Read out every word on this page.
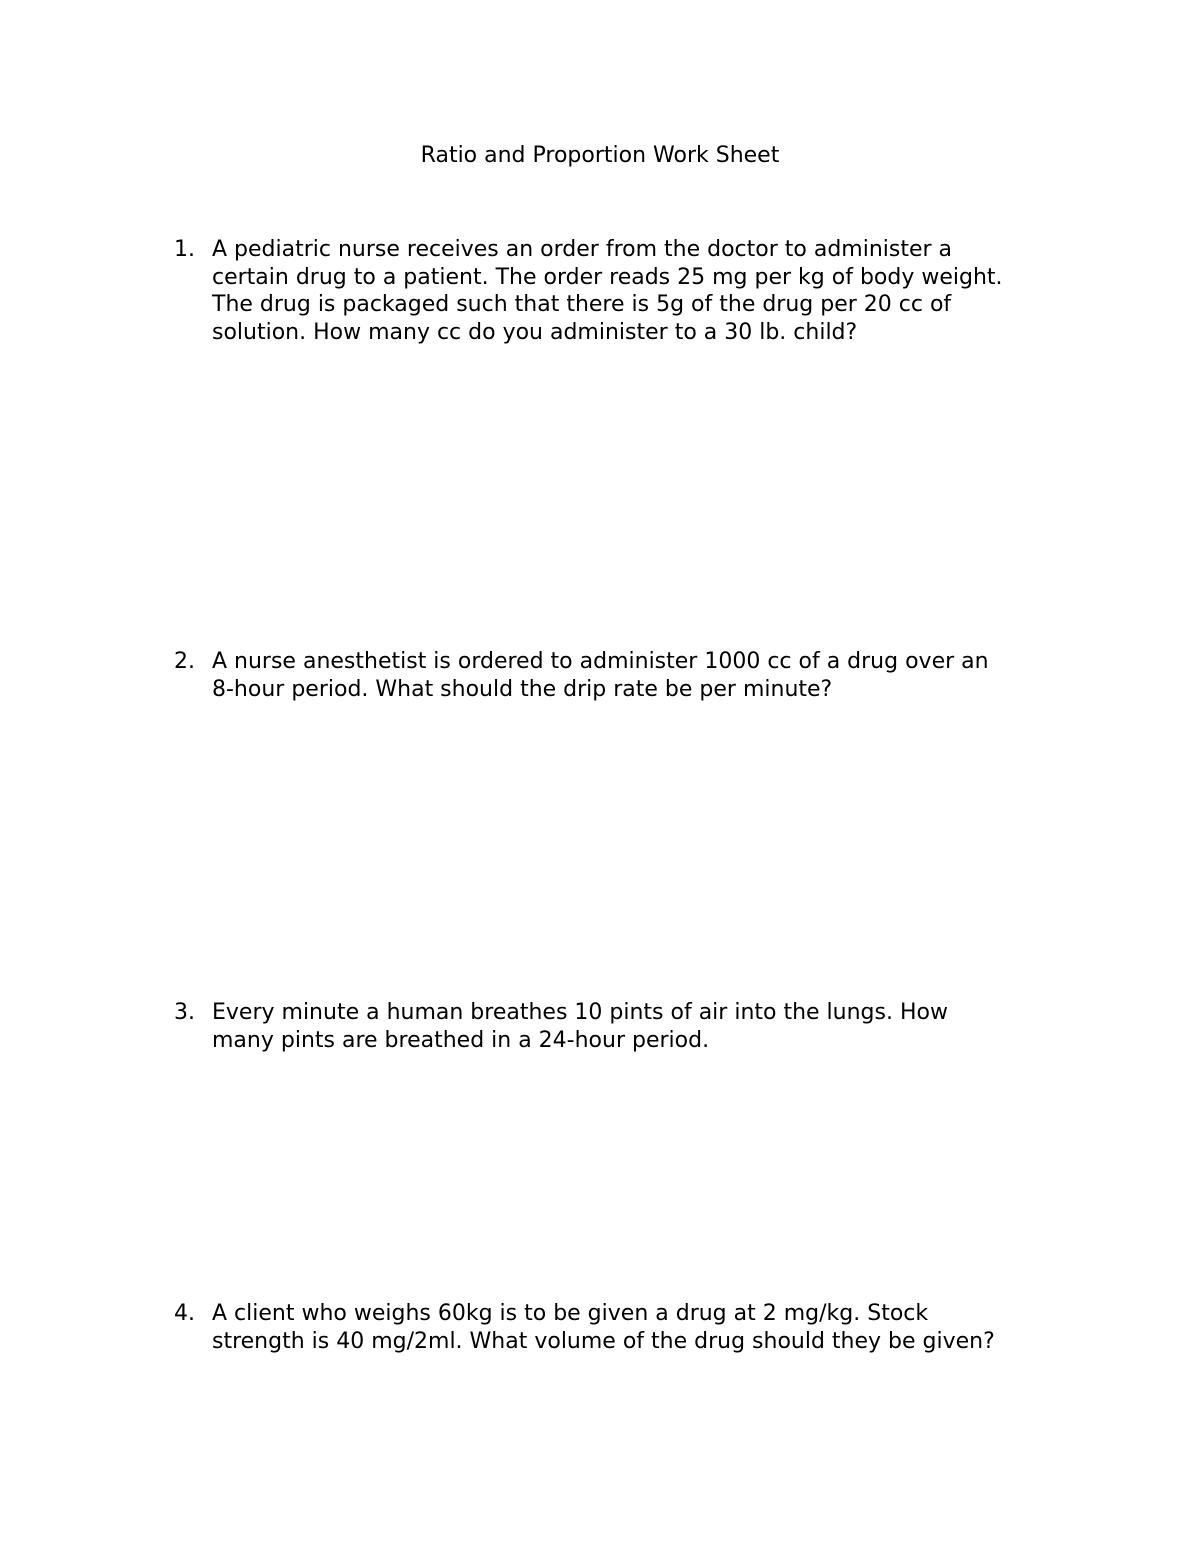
Ratio and Proportion Work Sheet
1. A pediatric nurse receives an order from the doctor to administer a
certain drug to a patient. The order reads 25 mg per kg of body weight.
The drug is packaged such that there is 5g of the drug per 20 cc of
solution. How many cc do you administer to a 30 lb. child?
2. A nurse anesthetist is ordered to administer 1000 cc of a drug over an
8-hour period. What should the drip rate be per minute?
3. Every minute a human breathes 10 pints of air into the lungs. How
many pints are breathed in a 24-hour period.
4. A client who weighs 60kg is to be given a drug at 2 mg/kg. Stock
strength is 40 mg/2ml. What volume of the drug should they be given?
